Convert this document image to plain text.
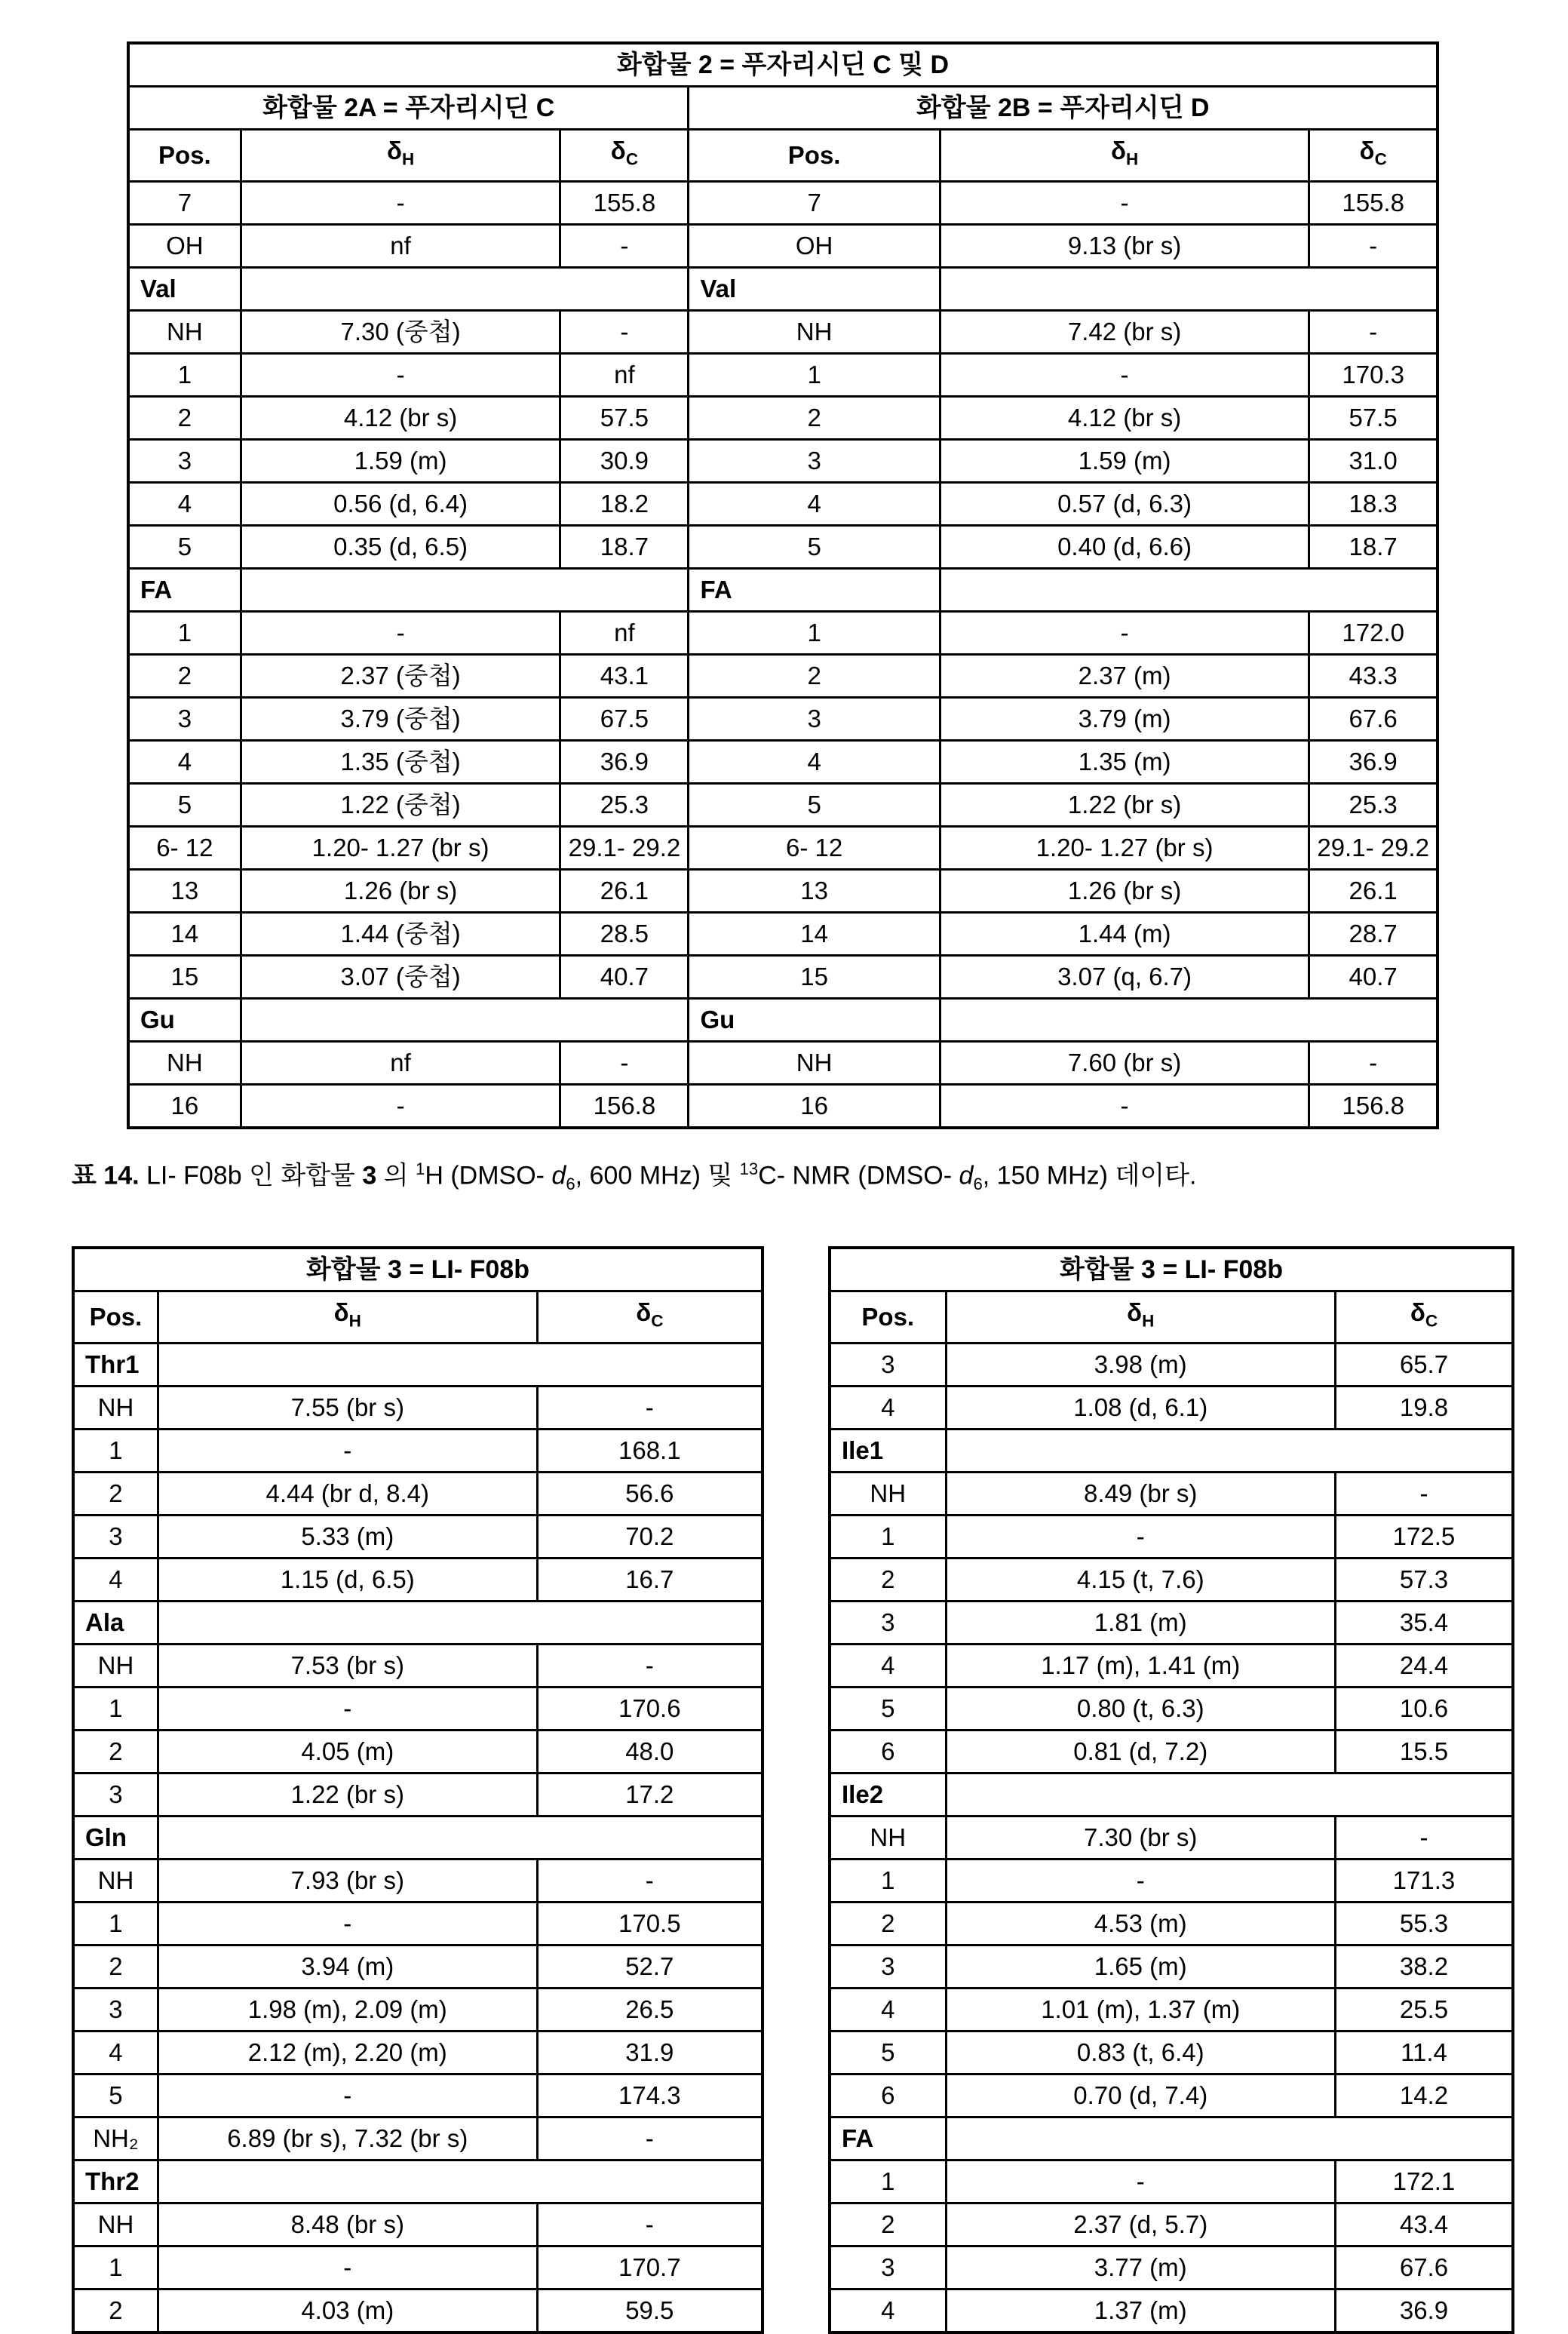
화합물 2 = 푸자리시딘 C 및 D					
화합물 2A = 푸자리시딘 C			화합물 2B = 푸자리시딘 D		
Pos.	$\delta_H$	$\delta_C$	Pos.	$\delta_H$	$\delta_C$
7	-	155.8	7	-	155.8
OH	nf	-	OH	9.13 (br s)	-
Val			Val		
NH	7.30 (중첩)	-	NH	7.42 (br s)	-
1	-	nf	1	-	170.3
2	4.12 (br s)	57.5	2	4.12 (br s)	57.5
3	1.59 (m)	30.9	3	1.59 (m)	31.0
4	0.56 (d, 6.4)	18.2	4	0.57 (d, 6.3)	18.3
5	0.35 (d, 6.5)	18.7	5	0.40 (d, 6.6)	18.7
FA			FA		
1	-	nf	1	-	172.0
2	2.37 (중첩)	43.1	2	2.37 (m)	43.3
3	3.79 (중첩)	67.5	3	3.79 (m)	67.6
4	1.35 (중첩)	36.9	4	1.35 (m)	36.9
5	1.22 (중첩)	25.3	5	1.22 (br s)	25.3
6- 12	1.20- 1.27 (br s)	29.1- 29.2	6- 12	1.20- 1.27 (br s)	29.1- 29.2
13	1.26 (br s)	26.1	13	1.26 (br s)	26.1
14	1.44 (중첩)	28.5	14	1.44 (m)	28.7
15	3.07 (중첩)	40.7	15	3.07 (q, 6.7)	40.7
Gu			Gu		
NH	nf	-	NH	7.60 (br s)	-
16	-	156.8	16	-	156.8

표 14. LI- F08b 인 화합물 3 의 $^1$H (DMSO- $d_6$, 600 MHz) 및 $^{13}$C- NMR (DMSO- $d_6$, 150 MHz) 데이타.

화합물 3 = LI- F08b		
Pos.	$\delta_H$	$\delta_C$
Thr1		
NH	7.55 (br s)	-
1	-	168.1
2	4.44 (br d, 8.4)	56.6
3	5.33 (m)	70.2
4	1.15 (d, 6.5)	16.7
Ala		
NH	7.53 (br s)	-
1	-	170.6
2	4.05 (m)	48.0
3	1.22 (br s)	17.2
Gln		
NH	7.93 (br s)	-
1	-	170.5
2	3.94 (m)	52.7
3	1.98 (m), 2.09 (m)	26.5
4	2.12 (m), 2.20 (m)	31.9
5	-	174.3
NH₂	6.89 (br s), 7.32 (br s)	-
Thr2		
NH	8.48 (br s)	-
1	-	170.7
2	4.03 (m)	59.5
화합물 3 = LI- F08b		
Pos.	$\delta_H$	$\delta_C$
3	3.98 (m)	65.7
4	1.08 (d, 6.1)	19.8
Ile1		
NH	8.49 (br s)	-
1	-	172.5
2	4.15 (t, 7.6)	57.3
3	1.81 (m)	35.4
4	1.17 (m), 1.41 (m)	24.4
5	0.80 (t, 6.3)	10.6
6	0.81 (d, 7.2)	15.5
Ile2		
NH	7.30 (br s)	-
1	-	171.3
2	4.53 (m)	55.3
3	1.65 (m)	38.2
4	1.01 (m), 1.37 (m)	25.5
5	0.83 (t, 6.4)	11.4
6	0.70 (d, 7.4)	14.2
FA		
1	-	172.1
2	2.37 (d, 5.7)	43.4
3	3.77 (m)	67.6
4	1.37 (m)	36.9
